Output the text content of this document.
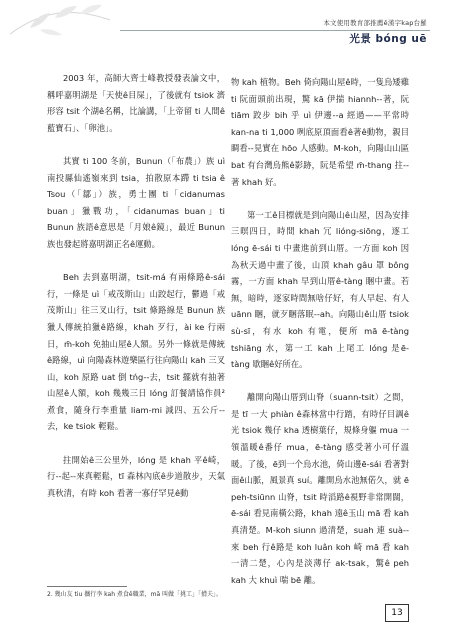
本文使用教育部推薦ê漢字kap台羅
光景 bóng uē

2003 年，高師大齊士峰教授發表論文中，稱呼嘉明湖是「天使ê目屎」，了後就有 tsiok 濟形容 tsit 个湖ê名稱，比論講，「上帝留 ti 人間ê藍寶石」、「卵池」。

其實 ti 100 冬前，Bunun（「布農」）族 uì 南投縣仙遙嶺來到 tsia，拍散原本蹛 ti tsia ê Tsou（「鄒」）族，勇士團 ti「cidanumas buan」獵戰功，「cidanumas buan」ti Bunun 族語ê意思是「月娘ê鏡」，最近 Bunun 族也發起將嘉明湖正名ê運動。

Beh 去到嘉明湖，tsit-má 有兩條路ê-sái 行，一條是 uì「戒茂斯山」山跤起行，鬱過「戒茂斯山」往三叉山行，tsit 條路線是 Bunun 族獵人傳統拍獵ê路線，khah 歹行，ài ke 行兩日，m̄-koh 免抽山屋ê人額。另外一條就是傳統ê路線，uì 向陽森林遊樂區行往向陽山 kah 三叉山，koh 原路 uat 倒 tńg--去，tsit 擺就有抽著山屋ê人額，koh 幾幾三日 lóng 訂餐請協作員²煮食，隨身行李重量 liam-mi 減四、五公斤--去，ke tsiok 輕鬆。

拄開始ê三公里外，lóng 是 khah 平ê崎，行--起--來真輕鬆，tī 森林內底ê步道散步，天氣真秋清，有時 koh 看著一寡仔罕見ê動

物 kah 植物。Beh 倚向陽山屋ê時，一隻烏矮雞 ti 阮面頭前出現，驚 kā 伊揣 hiannh--著，阮 tiām 跤步 bih 乎 uì 伊邊--a 經過——平常時 kan-na ti 1,000 咧底原頂面看ê著ê動物，親目睭看--見實在 hōo 人感動。M-koh，向陽山山區 bat 有台灣烏熊ê影跡，阮是希望 m̄-thang 拄--著 khah 好。

第一工ê目標就是到向陽山ê山屋，因為安排三暝四日，時間 khah 冗 lióng-siōng，逐工 lóng ē-sái ti 中畫進前到山厝。一方面 koh 因為秋天過中畫了後，山頂 khah gâu 罩 bông 霧，一方面 khah 早到山厝ê-tàng 睏中畫。若無，暗時，逐家時間無啥仔好，有人早起、有人 uānn 睏，就歹睏落眠--ah。向陽山ê山厝 tsiok sù-sī，有水 koh 有電，便所 mā ē-tàng tshiāng 水，第一工 kah 上尾工 lóng 是ē-tàng 歇睏ê好所在。

離開向陽山厝到山脊（suann-tsit）之間，是 tī 一大 phiàn ê森林當中行踏，有時仔目調ê光 tsiok 幾仔 kha 透樹葉仔，規條身軀 mua 一領溫暖ê番仔 mua，ē-tàng 感受著小可仔溫暖。了後，ē到一个烏水池，倚山邊ē-sái 看著對面ê山脈，風景真 suí。離開烏水池無偌久，就 ē peh-tsiūnn 山脊，tsit 時滔路ê視野非常開闊，ē-sái 看見南橫公路，khah 遠ê玉山 mā 看 kah 真清楚。M-koh siunn 過清楚，suah 連 suà-- 來 beh 行ê路是 koh luân koh 崎 mā 看 kah 一清二楚，心內是淡薄仔 ak-tsak，驚ê peh kah 大 khuì 喘 bē 離。

2. 幾山友 tiu 攜行李 kah 煮食ê職業，mā 叫做「挑工」「揹夫」。
13
